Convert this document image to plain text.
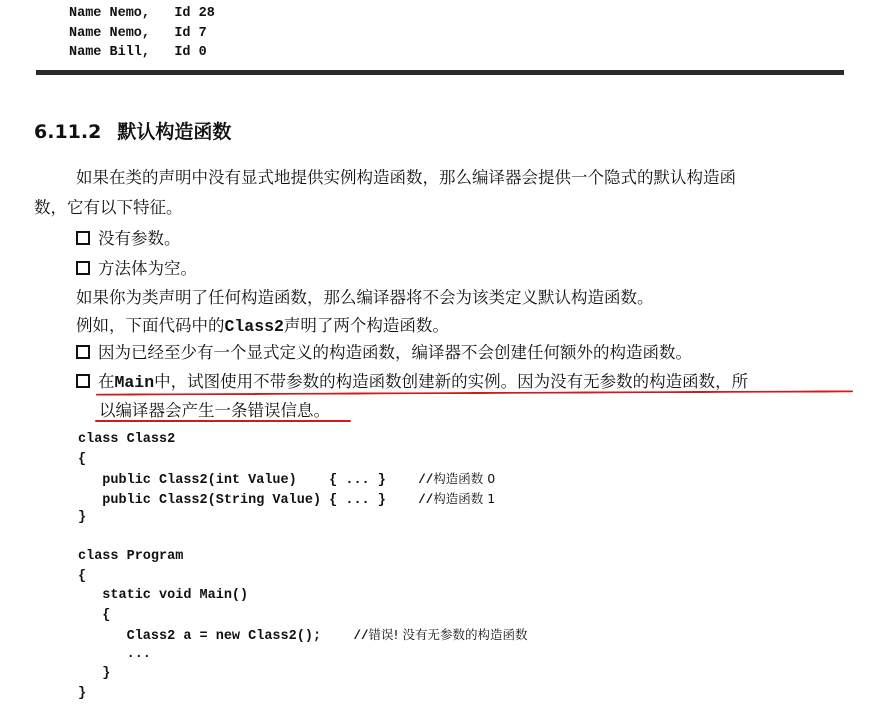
Name Nemo,   Id 28
Name Nemo,   Id 7
Name Bill,   Id 0
6.11.2 默认构造函数
如果在类的声明中没有显式地提供实例构造函数，那么编译器会提供一个隐式的默认构造函
数，它有以下特征。
没有参数。
方法体为空。
如果你为类声明了任何构造函数，那么编译器将不会为该类定义默认构造函数。
例如，下面代码中的Class2声明了两个构造函数。
因为已经至少有一个显式定义的构造函数，编译器不会创建任何额外的构造函数。
在Main中，试图使用不带参数的构造函数创建新的实例。因为没有无参数的构造函数，所
以编译器会产生一条错误信息。
class Class2
{
public Class2(int Value)    { ... }    //构造函数 0
public Class2(String Value) { ... }    //构造函数 1
}
class Program
{
static void Main()
{
Class2 a = new Class2();    //错误! 没有无参数的构造函数
...
}
}
